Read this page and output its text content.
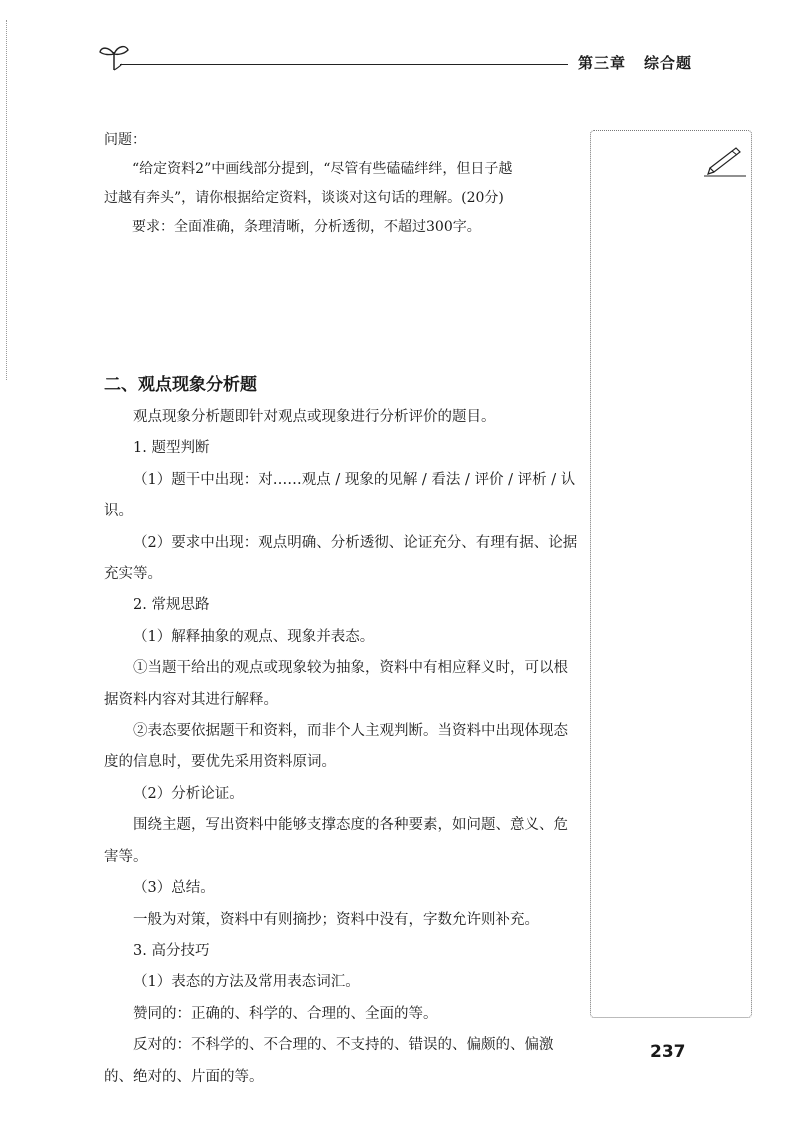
第三章 综合题

问题：

“给定资料2”中画线部分提到，“尽管有些磕磕绊绊，但日子越

过越有奔头”，请你根据给定资料，谈谈对这句话的理解。(20分)

要求：全面准确，条理清晰，分析透彻，不超过300字。

二、观点现象分析题

观点现象分析题即针对观点或现象进行分析评价的题目。

1. 题型判断

（1）题干中出现：对……观点 / 现象的见解 / 看法 / 评价 / 评析 / 认识。

（2）要求中出现：观点明确、分析透彻、论证充分、有理有据、论据充实等。

2. 常规思路

（1）解释抽象的观点、现象并表态。

①当题干给出的观点或现象较为抽象，资料中有相应释义时，可以根据资料内容对其进行解释。

②表态要依据题干和资料，而非个人主观判断。当资料中出现体现态度的信息时，要优先采用资料原词。

（2）分析论证。

围绕主题，写出资料中能够支撑态度的各种要素，如问题、意义、危害等。

（3）总结。

一般为对策，资料中有则摘抄；资料中没有，字数允许则补充。

3. 高分技巧

（1）表态的方法及常用表态词汇。

赞同的：正确的、科学的、合理的、全面的等。

反对的：不科学的、不合理的、不支持的、错误的、偏颇的、偏激的、绝对的、片面的等。

237
